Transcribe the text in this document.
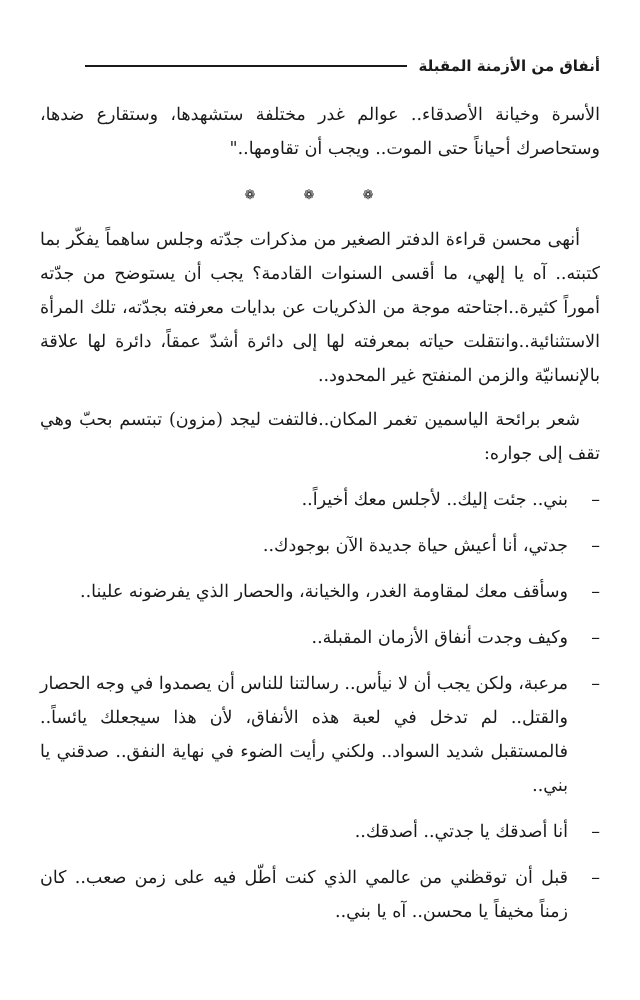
أنفاق من الأزمنة المقبلة

الأسرة وخيانة الأصدقاء.. عوالم غدر مختلفة ستشهدها، وستقارع ضدها، وستحاصرك أحياناً حتى الموت.. ويجب أن تقاومها.."

❁ ❁ ❁

أنهى محسن قراءة الدفتر الصغير من مذكرات جدّته وجلس ساهماً يفكّر بما كتبته.. آه يا إلهي، ما أقسى السنوات القادمة؟ يجب أن يستوضح من جدّته أموراً كثيرة..اجتاحته موجة من الذكريات عن بدايات معرفته بجدّته، تلك المرأة الاستثنائية..وانتقلت حياته بمعرفته لها إلى دائرة أشدّ عمقاً، دائرة لها علاقة بالإنسانيّة والزمن المنفتح غير المحدود..

شعر برائحة الياسمين تغمر المكان..فالتفت ليجد (مزون) تبتسم بحبّ وهي تقف إلى جواره:

–
بني.. جئت إليك.. لأجلس معك أخيراً..
–
جدتي، أنا أعيش حياة جديدة الآن بوجودك..
–
وسأقف معك لمقاومة الغدر، والخيانة، والحصار الذي يفرضونه علينا..
–
وكيف وجدت أنفاق الأزمان المقبلة..
–
مرعبة، ولكن يجب أن لا نيأس.. رسالتنا للناس أن يصمدوا في وجه الحصار والقتل.. لم تدخل في لعبة هذه الأنفاق، لأن هذا سيجعلك يائساً.. فالمستقبل شديد السواد.. ولكني رأيت الضوء في نهاية النفق.. صدقني يا بني..
–
أنا أصدقك يا جدتي.. أصدقك..
–
قبل أن توقظني من عالمي الذي كنت أطّل فيه على زمن صعب.. كان زمناً مخيفاً يا محسن.. آه يا بني..
